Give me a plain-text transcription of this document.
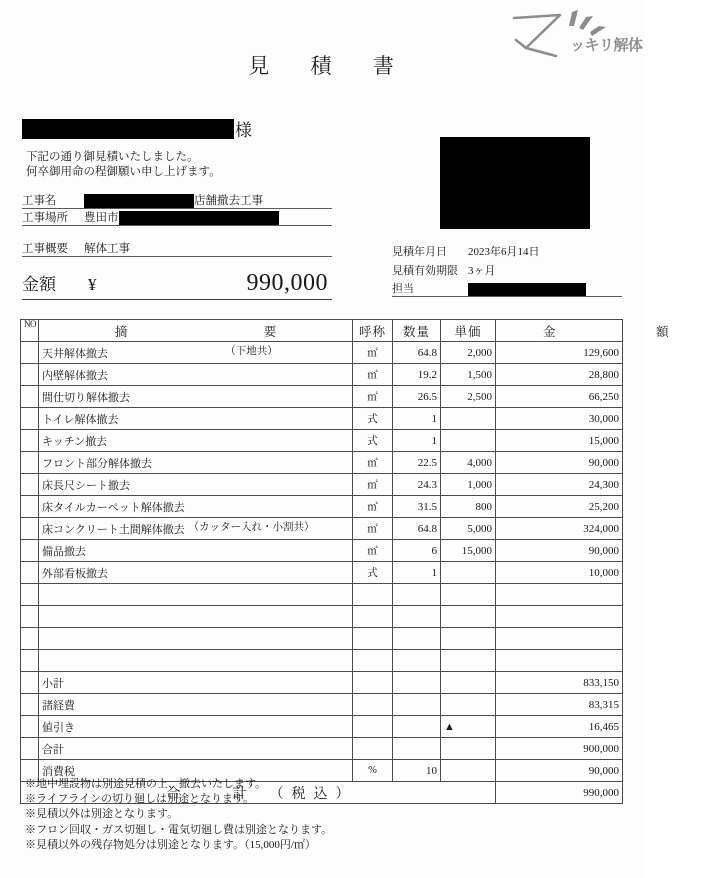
ッキリ解体
見 積 書
様
下記の通り御見積いたしました。
何卒御用命の程御願い申し上げます。
工事名	店舗撤去工事
工事場所	豊田市
工事概要	解体工事
金額	¥	990,000
見積年月日	2023年6月14日
見積有効期限 3ヶ月
担当
NO	摘　要	呼称	数量	単価	金　額
	天井解体撤去 （下地共）	㎡	64.8	2,000	129,600
	内壁解体撤去	㎡	19.2	1,500	28,800
	間仕切り解体撤去	㎡	26.5	2,500	66,250
	トイレ解体撤去	式	1		30,000
	キッチン撤去	式	1		15,000
	フロント部分解体撤去	㎡	22.5	4,000	90,000
	床長尺シート撤去	㎡	24.3	1,000	24,300
	床タイルカーペット解体撤去	㎡	31.5	800	25,200
	床コンクリート土間解体撤去 （カッター入れ・小割共）	㎡	64.8	5,000	324,000
	備品撤去	㎡	6	15,000	90,000
	外部看板撤去	式	1		10,000

	小計				833,150
	諸経費				83,315
	値引き			▲	16,465
	合計				900,000
	消費税	%	10		90,000
合　　計　（税込）					990,000
※地中埋設物は別途見積の上、撤去いたします。
※ライフラインの切り廻しは別途となります。
※見積以外は別途となります。
※フロン回収・ガス切廻し・電気切廻し費は別途となります。
※見積以外の残存物処分は別途となります。（15,000円/㎡）
